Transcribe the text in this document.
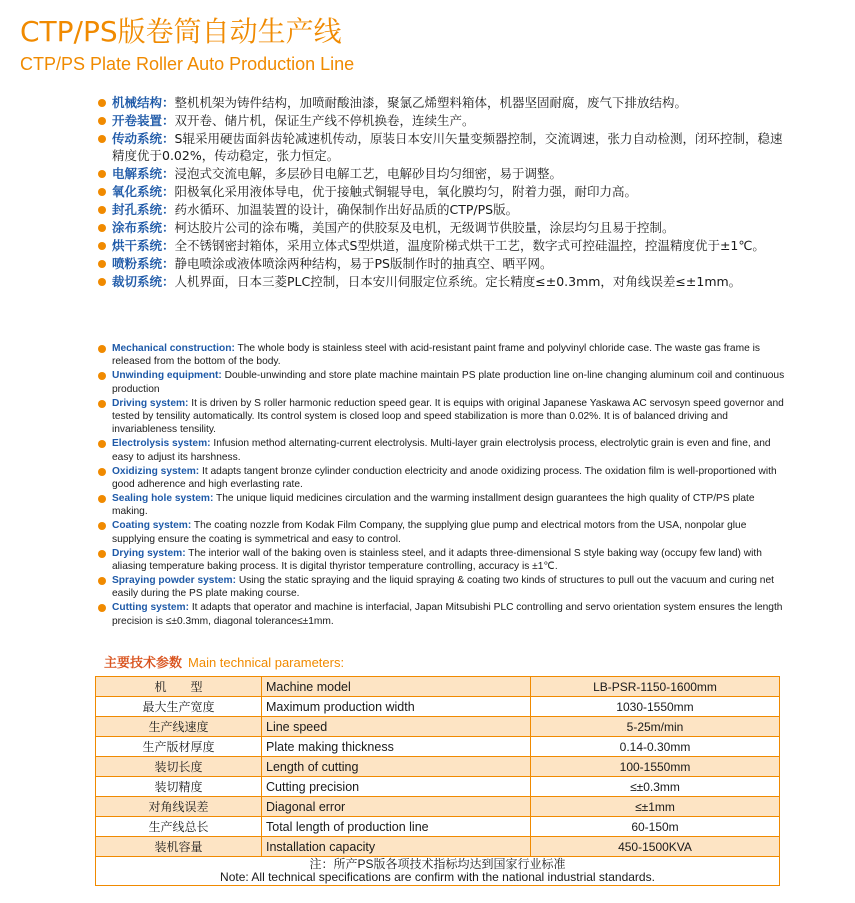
CTP/PS版卷筒自动生产线
CTP/PS Plate Roller Auto Production Line
机械结构：整机机架为铸件结构，加喷耐酸油漆，聚氯乙烯塑料箱体，机器坚固耐腐，废气下排放结构。
开卷装置：双开卷、储片机，保证生产线不停机换卷，连续生产。
传动系统：S辊采用硬齿面斜齿轮减速机传动，原装日本安川矢量变频器控制，交流调速，张力自动检测，闭环控制，稳速精度优于0.02%，传动稳定，张力恒定。
电解系统：浸泡式交流电解，多层砂目电解工艺，电解砂目均匀细密，易于调整。
氧化系统：阳极氧化采用液体导电，优于接触式铜辊导电，氧化膜均匀，附着力强，耐印力高。
封孔系统：药水循环、加温装置的设计，确保制作出好品质的CTP/PS版。
涂布系统：柯达胶片公司的涂布嘴，美国产的供胶泵及电机，无级调节供胶量，涂层均匀且易于控制。
烘干系统：全不锈钢密封箱体，采用立体式S型烘道，温度阶梯式烘干工艺，数字式可控硅温控，控温精度优于±1℃。
喷粉系统：静电喷涂或液体喷涂两种结构，易于PS版制作时的抽真空、晒平网。
裁切系统：人机界面，日本三菱PLC控制，日本安川伺服定位系统。定长精度≤±0.3mm，对角线误差≤±1mm。
Mechanical construction: The whole body is stainless steel with acid-resistant paint frame and polyvinyl chloride case. The waste gas frame is released from the bottom of the body.
Unwinding equipment: Double-unwinding and store plate machine maintain PS plate production line on-line changing aluminum coil and continuous production
Driving system: It is driven by S roller harmonic reduction speed gear. It is equips with original Japanese Yaskawa AC servosyn speed governor and tested by tensility automatically. Its control system is closed loop and speed stabilization is more than 0.02%. It is of balanced driving and invariableness tensility.
Electrolysis system: Infusion method alternating-current electrolysis. Multi-layer grain electrolysis process, electrolytic grain is even and fine, and easy to adjust its harshness.
Oxidizing system: It adapts tangent bronze cylinder conduction electricity and anode oxidizing process. The oxidation film is well-proportioned with good adherence and high everlasting rate.
Sealing hole system: The unique liquid medicines circulation and the warming installment design guarantees the high quality of CTP/PS plate making.
Coating system: The coating nozzle from Kodak Film Company, the supplying glue pump and electrical motors from the USA, nonpolar glue supplying ensure the coating is symmetrical and easy to control.
Drying system: The interior wall of the baking oven is stainless steel, and it adapts three-dimensional S style baking way (occupy few land) with aliasing temperature baking process. It is digital thyristor temperature controlling, accuracy is ±1℃.
Spraying powder system: Using the static spraying and the liquid spraying & coating two kinds of structures to pull out the vacuum and curing net easily during the PS plate making course.
Cutting system: It adapts that operator and machine is interfacial, Japan Mitsubishi PLC controlling and servo orientation system ensures the length precision is ≤±0.3mm, diagonal tolerance≤±1mm.
主要技术参数 Main technical parameters:
机　　型	Machine model	LB-PSR-1150-1600mm
最大生产宽度	Maximum production width	1030-1550mm
生产线速度	Line speed	5-25m/min
生产版材厚度	Plate making thickness	0.14-0.30mm
装切长度	Length of cutting	100-1550mm
装切精度	Cutting precision	≤±0.3mm
对角线误差	Diagonal error	≤±1mm
生产线总长	Total length of production line	60-150m
装机容量	Installation capacity	450-1500KVA

注：所产PS版各项技术指标均达到国家行业标准
Note: All technical specifications are confirm with the national industrial standards.		
